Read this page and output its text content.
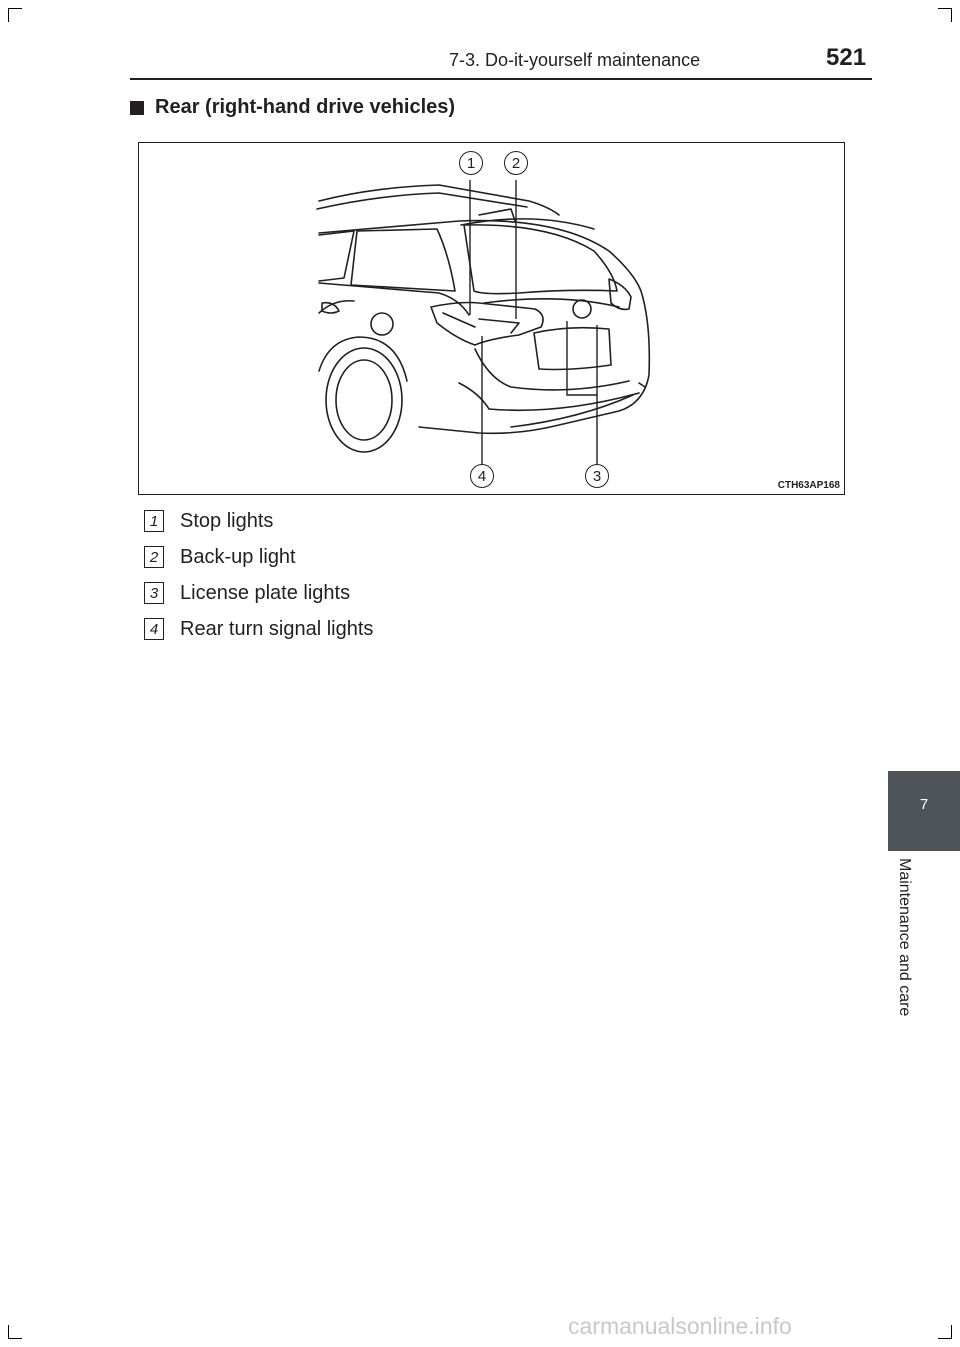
7-3. Do-it-yourself maintenance	521
Rear (right-hand drive vehicles)
1 2
3
4
CTH63AP168
1 Stop lights
2 Back-up light
3 License plate lights
4 Rear turn signal lights
7
Maintenance and care
carmanualsonline.info
